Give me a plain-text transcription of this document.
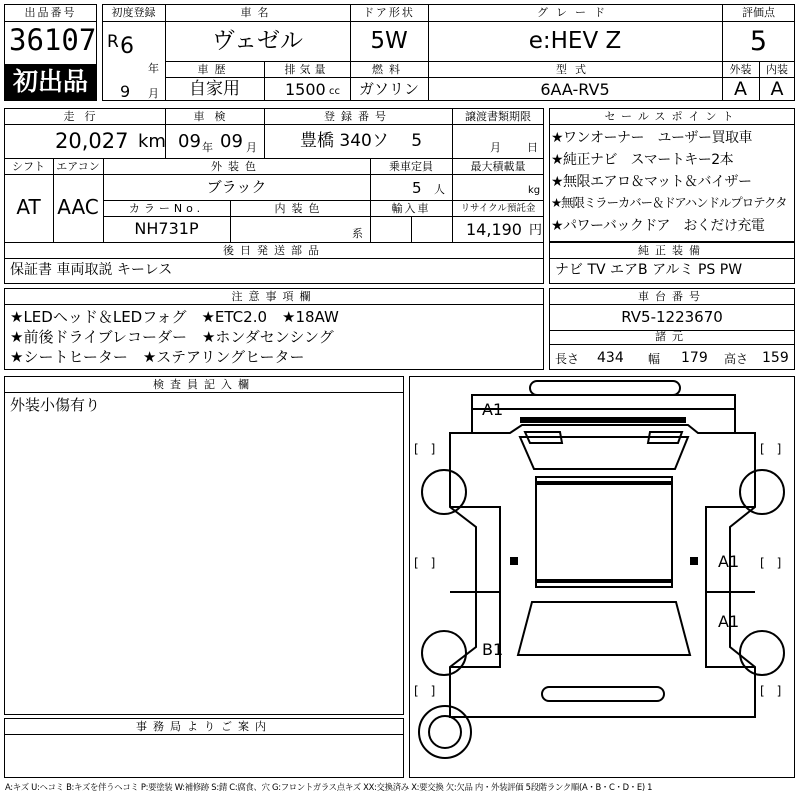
出品番号
36107
初出品
初度登録
R 6
年
9 月
車名
ヴェゼル
ドア形状
5W
グレード
e:HEV Z
評価点
5
車歴
自家用
排気量
1500 cc
燃料
ガソリン
型式
6AA-RV5
外装
A
内装
A
走行
20,027 km
車検
09 年 09 月
登録番号
豊橋 340ソ　 5
譲渡書類期限
月 日
シフト
AT
エアコン
AAC
外装色
ブラック
乗車定員
5 人
最大積載量
kg
カラーNo.
NH731P
内装色
系
輸入車	リサイクル預託金
14,190 円
後日発送部品
保証書 車両取説 キーレス
セールスポイント
★ワンオーナー　ユーザー買取車
★純正ナビ　スマートキー2本
★無限エアロ＆マット＆バイザー
★無限ミラーカバー＆ドアハンドルプロテクタ
★パワーバックドア　おくだけ充電
純正装備
ナビ TV エアB アルミ PS PW
注意事項欄
★LEDヘッド＆LEDフォグ　★ETC2.0　★18AW
★前後ドライブレコーダー　★ホンダセンシング
★シートヒーター　★ステアリングヒーター
車台番号
RV5-1223670
諸元
長さ 434 幅 179 高さ 159
検査員記入欄
外装小傷有り
事務局よりご案内
A1
A1
A1
B1
[　]	[　]
[　]	[　]
[　]	[　]
A:キズ U:ヘコミ B:キズを伴うヘコミ P:要塗装 W:補修跡 S:錆 C:腐食、穴 G:フロントガラス点キズ XX:交換済み X:要交換 欠:欠品 内・外装評価 5段階ランク順(A・B・C・D・E) 1
